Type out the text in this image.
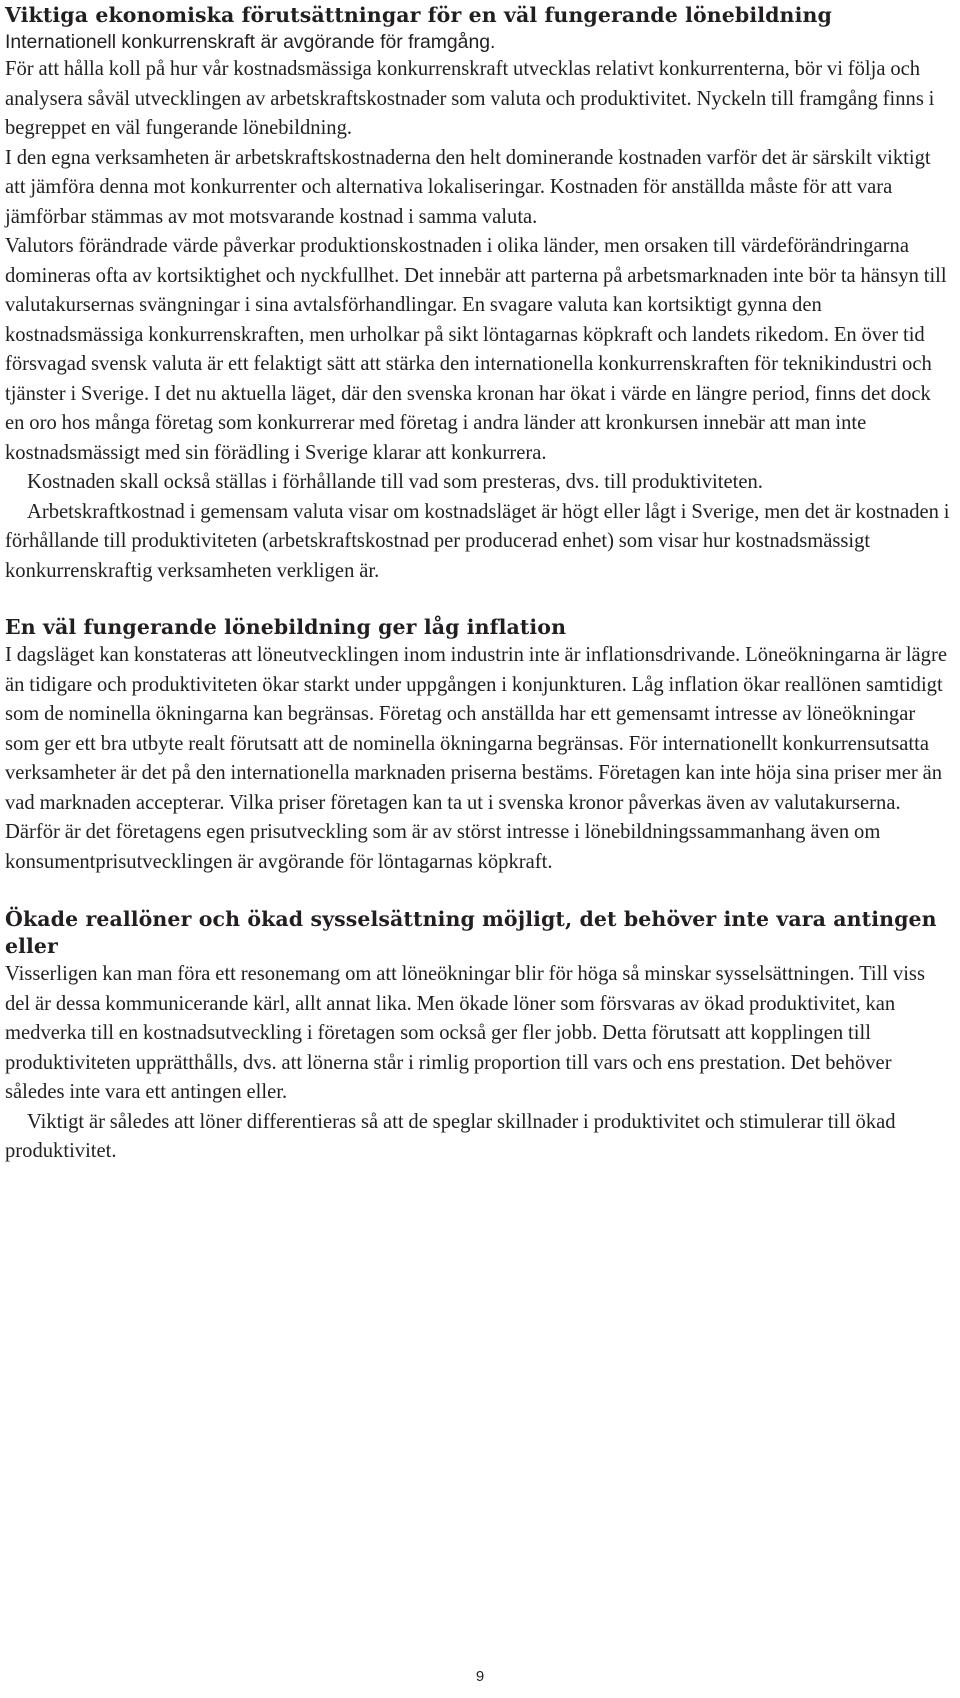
Viktiga ekonomiska förutsättningar för en väl fungerande lönebildning

Internationell konkurrenskraft är avgörande för framgång.

För att hålla koll på hur vår kostnadsmässiga konkurrenskraft utvecklas relativt konkurrenterna, bör vi följa och analysera såväl utvecklingen av arbetskraftskostnader som valuta och produktivitet. Nyckeln till framgång finns i begreppet en väl fungerande lönebildning.

I den egna verksamheten är arbetskraftskostnaderna den helt dominerande kostnaden varför det är särskilt viktigt att jämföra denna mot konkurrenter och alternativa lokaliseringar. Kostnaden för anställda måste för att vara jämförbar stämmas av mot motsvarande kostnad i samma valuta.

Valutors förändrade värde påverkar produktionskostnaden i olika länder, men orsaken till värdeförändringarna domineras ofta av kortsiktighet och nyckfullhet. Det innebär att parterna på arbetsmarknaden inte bör ta hänsyn till valutakursernas svängningar i sina avtalsförhandlingar. En svagare valuta kan kortsiktigt gynna den kostnadsmässiga konkurrenskraften, men urholkar på sikt löntagarnas köpkraft och landets rikedom. En över tid försvagad svensk valuta är ett felaktigt sätt att stärka den internationella konkurrenskraften för teknikindustri och tjänster i Sverige. I det nu aktuella läget, där den svenska kronan har ökat i värde en längre period, finns det dock en oro hos många företag som konkurrerar med företag i andra länder att kronkursen innebär att man inte kostnadsmässigt med sin förädling i Sverige klarar att konkurrera.

Kostnaden skall också ställas i förhållande till vad som presteras, dvs. till produktiviteten.

Arbetskraftkostnad i gemensam valuta visar om kostnadsläget är högt eller lågt i Sverige, men det är kostnaden i förhållande till produktiviteten (arbetskraftskostnad per producerad enhet) som visar hur kostnadsmässigt konkurrenskraftig verksamheten verkligen är.

En väl fungerande lönebildning ger låg inflation

I dagsläget kan konstateras att löneutvecklingen inom industrin inte är inflationsdrivande. Löneökningarna är lägre än tidigare och produktiviteten ökar starkt under uppgången i konjunkturen. Låg inflation ökar reallönen samtidigt som de nominella ökningarna kan begränsas. Företag och anställda har ett gemensamt intresse av löneökningar som ger ett bra utbyte realt förutsatt att de nominella ökningarna begränsas. För internationellt konkurrensutsatta verksamheter är det på den internationella marknaden priserna bestäms. Företagen kan inte höja sina priser mer än vad marknaden accepterar. Vilka priser företagen kan ta ut i svenska kronor påverkas även av valutakurserna. Därför är det företagens egen prisutveckling som är av störst intresse i lönebildningssammanhang även om konsumentprisutvecklingen är avgörande för löntagarnas köpkraft.

Ökade reallöner och ökad sysselsättning möjligt, det behöver inte vara antingen eller

Visserligen kan man föra ett resonemang om att löneökningar blir för höga så minskar sysselsättningen. Till viss del är dessa kommunicerande kärl, allt annat lika. Men ökade löner som försvaras av ökad produktivitet, kan medverka till en kostnadsutveckling i företagen som också ger fler jobb. Detta förutsatt att kopplingen till produktiviteten upprätthålls, dvs. att lönerna står i rimlig proportion till vars och ens prestation. Det behöver således inte vara ett antingen eller.

Viktigt är således att löner differentieras så att de speglar skillnader i produktivitet och stimulerar till ökad produktivitet.

9
